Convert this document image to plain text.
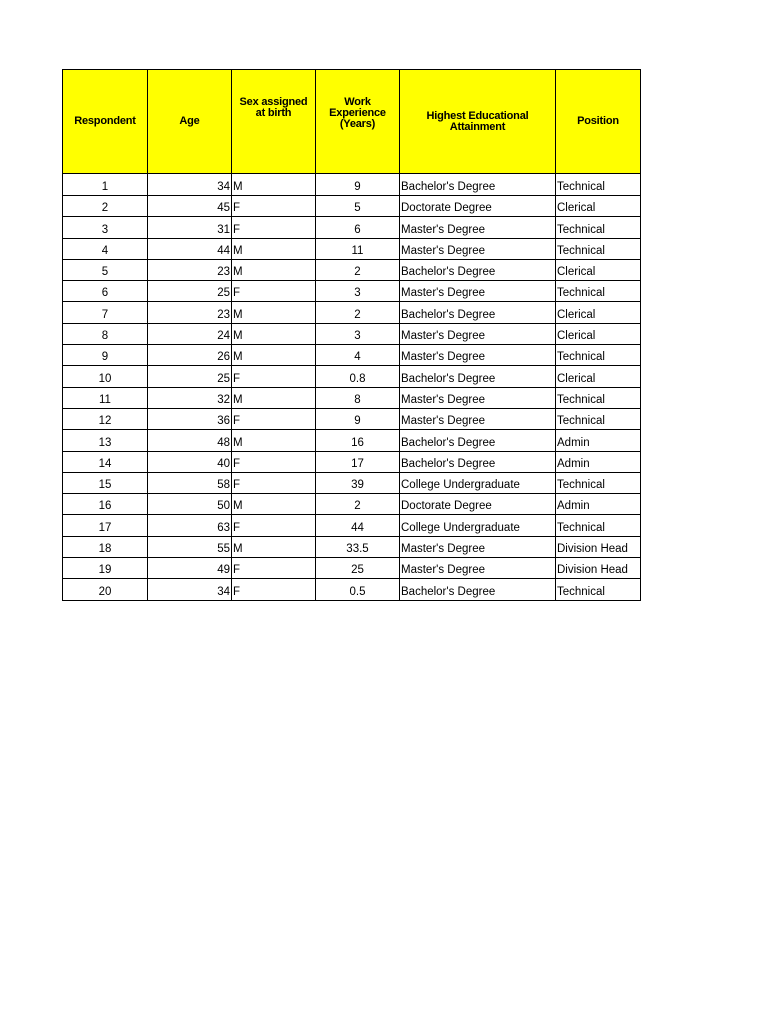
Respondent	Age	Sex assigned at birth	Work Experience (Years)	Highest Educational Attainment	Position
1	34	M	9	Bachelor's Degree	Technical
2	45	F	5	Doctorate Degree	Clerical
3	31	F	6	Master's Degree	Technical
4	44	M	11	Master's Degree	Technical
5	23	M	2	Bachelor's Degree	Clerical
6	25	F	3	Master's Degree	Technical
7	23	M	2	Bachelor's Degree	Clerical
8	24	M	3	Master's Degree	Clerical
9	26	M	4	Master's Degree	Technical
10	25	F	0.8	Bachelor's Degree	Clerical
11	32	M	8	Master's Degree	Technical
12	36	F	9	Master's Degree	Technical
13	48	M	16	Bachelor's Degree	Admin
14	40	F	17	Bachelor's Degree	Admin
15	58	F	39	College Undergraduate	Technical
16	50	M	2	Doctorate Degree	Admin
17	63	F	44	College Undergraduate	Technical
18	55	M	33.5	Master's Degree	Division Head
19	49	F	25	Master's Degree	Division Head
20	34	F	0.5	Bachelor's Degree	Technical
